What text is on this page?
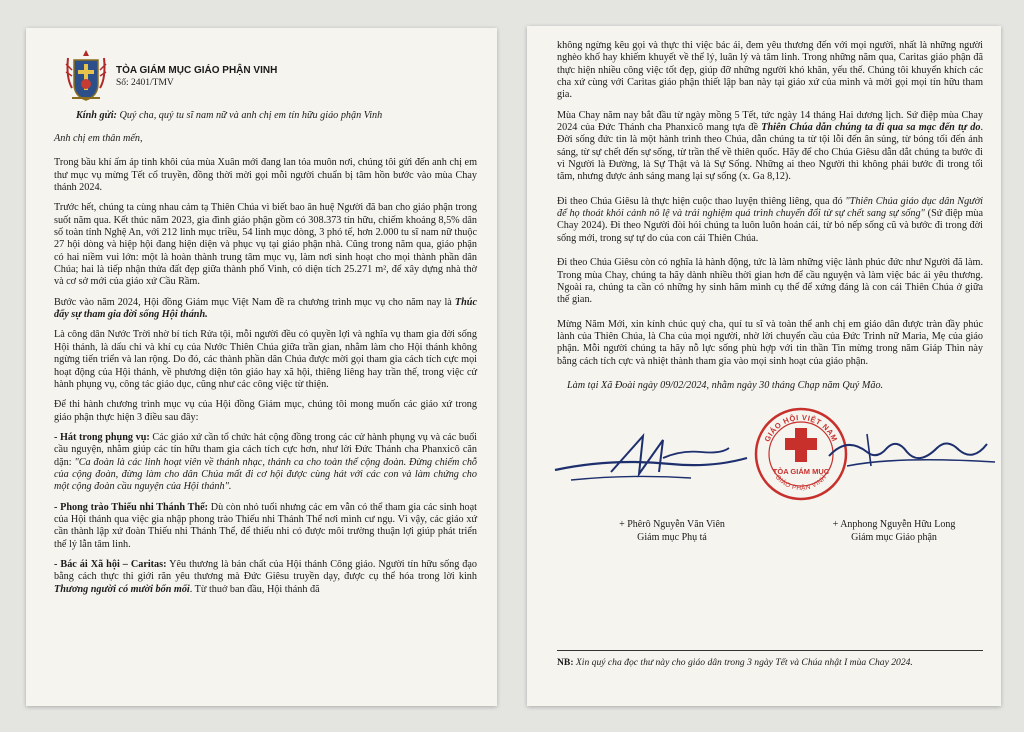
TÒA GIÁM MỤC GIÁO PHẬN VINH
Số: 2401/TMV
Kính gửi: Quý cha, quý tu sĩ nam nữ và anh chị em tín hữu giáo phận Vinh

Anh chị em thân mến,

Trong bầu khí ấm áp tinh khôi của mùa Xuân mới đang lan tỏa muôn nơi, chúng tôi gửi đến anh chị em thư mục vụ mừng Tết cổ truyền, đồng thời mời gọi mỗi người chuẩn bị tâm hồn bước vào mùa Chay thánh 2024.

Trước hết, chúng ta cùng nhau cảm tạ Thiên Chúa vì biết bao ân huệ Người đã ban cho giáo phận trong suốt năm qua. Kết thúc năm 2023, gia đình giáo phận gồm có 308.373 tín hữu, chiếm khoảng 8,5% dân số toàn tỉnh Nghệ An, với 212 linh mục triều, 54 linh mục dòng, 3 phó tế, hơn 2.000 tu sĩ nam nữ thuộc 27 hội dòng và hiệp hội đang hiện diện và phục vụ tại giáo phận nhà. Cũng trong năm qua, giáo phận có hai niềm vui lớn: một là hoàn thành trung tâm mục vụ, làm nơi sinh hoạt cho mọi thành phần dân Chúa; hai là tiếp nhận thửa đất đẹp giữa thành phố Vinh, có diện tích 25.271 m², để xây dựng nhà thờ và cơ sở mới của giáo xứ Cầu Rầm.

Bước vào năm 2024, Hội đồng Giám mục Việt Nam đề ra chương trình mục vụ cho năm nay là Thúc đẩy sự tham gia đời sống Hội thánh.

Là công dân Nước Trời nhờ bí tích Rửa tội, mỗi người đều có quyền lợi và nghĩa vụ tham gia đời sống Hội thánh, là dấu chỉ và khí cụ của Nước Thiên Chúa giữa trần gian, nhằm làm cho Hội thánh không ngừng tiến triển và lan rộng. Do đó, các thành phần dân Chúa được mời gọi tham gia cách tích cực mọi hoạt động của Hội thánh, về phương diện tôn giáo hay xã hội, thiêng liêng hay trần thế, trong việc cử hành phụng vụ, công tác giáo dục, cũng như các công việc từ thiện.

Để thi hành chương trình mục vụ của Hội đồng Giám mục, chúng tôi mong muốn các giáo xứ trong giáo phận thực hiện 3 điều sau đây:

- Hát trong phụng vụ: Các giáo xứ cần tổ chức hát cộng đồng trong các cử hành phụng vụ và các buổi cầu nguyện, nhằm giúp các tín hữu tham gia cách tích cực hơn, như lời Đức Thánh cha Phanxicô căn dặn: "Ca đoàn là các linh hoạt viên về thánh nhạc, thánh ca cho toàn thể cộng đoàn. Đừng chiếm chỗ của cộng đoàn, đừng làm cho dân Chúa mất đi cơ hội được cùng hát với các con và làm chứng cho một cộng đoàn cầu nguyện của Hội thánh".

- Phong trào Thiếu nhi Thánh Thể: Dù còn nhỏ tuổi nhưng các em vẫn có thể tham gia các sinh hoạt của Hội thánh qua việc gia nhập phong trào Thiếu nhi Thánh Thể nơi mình cư ngụ. Vì vậy, các giáo xứ cần thành lập xứ đoàn Thiếu nhi Thánh Thể, để thiếu nhi có được môi trường thuận lợi giúp phát triển thể lý lẫn tâm linh.

- Bác ái Xã hội – Caritas: Yêu thương là bản chất của Hội thánh Công giáo. Người tín hữu sống đạo bằng cách thực thi giới răn yêu thương mà Đức Giêsu truyền dạy, được cụ thể hóa trong lời kinh Thương người có mười bốn mối. Từ thuở ban đầu, Hội thánh đã

không ngừng kêu gọi và thực thi việc bác ái, đem yêu thương đến với mọi người, nhất là những người nghèo khổ hay khiếm khuyết về thể lý, luân lý và tâm linh. Trong những năm qua, Caritas giáo phận đã thực hiện nhiều công việc tốt đẹp, giúp đỡ những người khó khăn, yếu thế. Chúng tôi khuyến khích các cha xứ cùng với Caritas giáo phận thiết lập ban này tại giáo xứ của mình và mời gọi mọi tín hữu tham gia.

Mùa Chay năm nay bắt đầu từ ngày mồng 5 Tết, tức ngày 14 tháng Hai dương lịch. Sứ điệp mùa Chay 2024 của Đức Thánh cha Phanxicô mang tựa đề Thiên Chúa dẫn chúng ta đi qua sa mạc đến tự do. Đời sống đức tin là một hành trình theo Chúa, dẫn chúng ta từ tội lỗi đến ân sủng, từ bóng tối đến ánh sáng, từ sự chết đến sự sống, từ trần thế về thiên quốc. Hãy để cho Chúa Giêsu dẫn dắt chúng ta bước đi vì Người là Đường, là Sự Thật và là Sự Sống. Những ai theo Người thì không phải bước đi trong tối tăm, nhưng được ánh sáng mang lại sự sống (x. Ga 8,12).

Đi theo Chúa Giêsu là thực hiện cuộc thao luyện thiêng liêng, qua đó "Thiên Chúa giáo dục dân Người để họ thoát khỏi cảnh nô lệ và trải nghiệm quá trình chuyển đổi từ sự chết sang sự sống" (Sứ điệp mùa Chay 2024). Đi theo Người đòi hỏi chúng ta luôn luôn hoán cải, từ bỏ nếp sống cũ và bước đi trong đời sống mới, trong sự tự do của con cái Thiên Chúa.

Đi theo Chúa Giêsu còn có nghĩa là hành động, tức là làm những việc lành phúc đức như Người đã làm. Trong mùa Chay, chúng ta hãy dành nhiều thời gian hơn để cầu nguyện và làm việc bác ái yêu thương. Ngoài ra, chúng ta cần có những hy sinh hãm mình cụ thể để xứng đáng là con cái Thiên Chúa ở giữa thế gian.

Mừng Năm Mới, xin kính chúc quý cha, quí tu sĩ và toàn thể anh chị em giáo dân được tràn đầy phúc lành của Thiên Chúa, là Cha của mọi người, nhờ lời chuyển cầu của Đức Trinh nữ Maria, Mẹ của giáo phận. Mỗi người chúng ta hãy nỗ lực sống phù hợp với tin thần Tin mừng trong năm Giáp Thìn này bằng cách tích cực và nhiệt thành tham gia vào mọi sinh hoạt của giáo phận.

Làm tại Xã Đoài ngày 09/02/2024, nhằm ngày 30 tháng Chạp năm Quý Mão.

GIÁO HỘI VIỆT NAM
TÒA GIÁM MỤC
GIÁO PHẬN VINH
+ Phêrô Nguyễn Văn Viên
Giám mục Phụ tá
+ Anphong Nguyễn Hữu Long
Giám mục Giáo phận
NB: Xin quý cha đọc thư này cho giáo dân trong 3 ngày Tết và Chúa nhật I mùa Chay 2024.
